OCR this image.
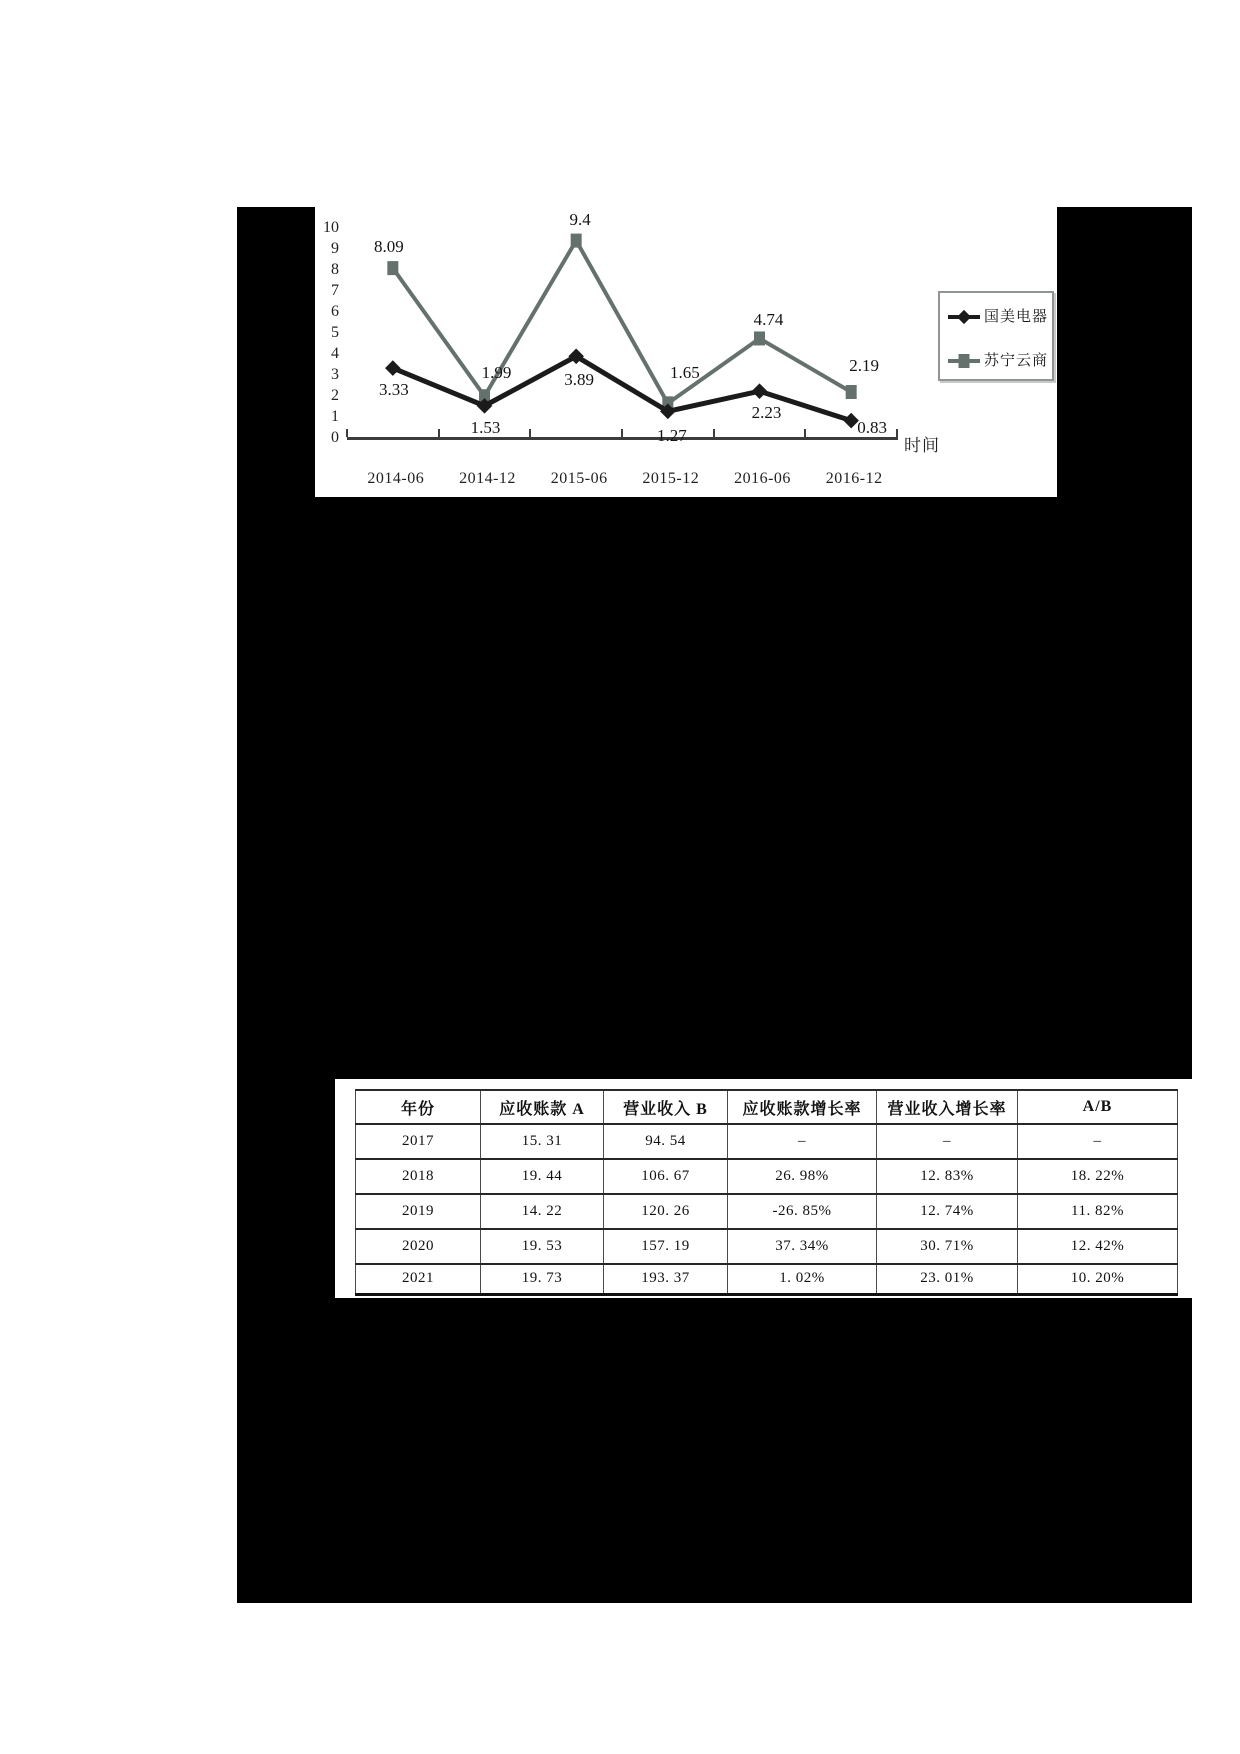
0
1
2
3
4
5
6
7
8
9
10
2014-06	2014-12	2015-06	2015-12	2016-06	2016-12
3.33
1.53
3.89
1.27
2.23
0.83
8.09
1.99
9.4
1.65
4.74
2.19
时间
国美电器
苏宁云商
年份	应收账款 A	营业收入 B	应收账款增长率	营业收入增长率	A/B
2017	15. 31	94. 54	–	–	–
2018	19. 44	106. 67	26. 98%	12. 83%	18. 22%
2019	14. 22	120. 26	-26. 85%	12. 74%	11. 82%
2020	19. 53	157. 19	37. 34%	30. 71%	12. 42%
2021	19. 73	193. 37	1. 02%	23. 01%	10. 20%
